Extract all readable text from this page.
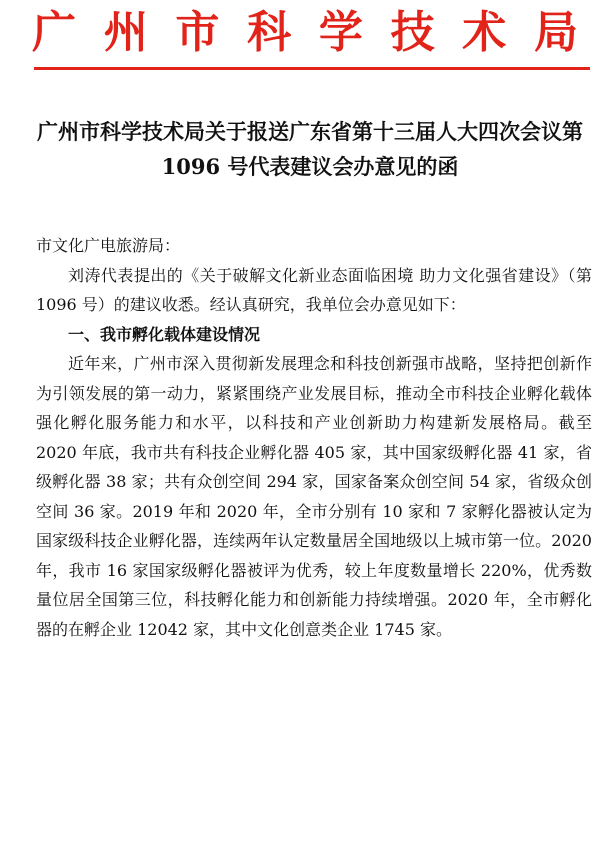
广州市科学技术局
广州市科学技术局关于报送广东省第十三届人大四次会议第 1096 号代表建议会办意见的函

市文化广电旅游局：

刘涛代表提出的《关于破解文化新业态面临困境 助力文化强省建设》（第 1096 号）的建议收悉。经认真研究，我单位会办意见如下：

一、我市孵化载体建设情况

近年来，广州市深入贯彻新发展理念和科技创新强市战略，坚持把创新作为引领发展的第一动力，紧紧围绕产业发展目标，推动全市科技企业孵化载体强化孵化服务能力和水平，以科技和产业创新助力构建新发展格局。截至 2020 年底，我市共有科技企业孵化器 405 家，其中国家级孵化器 41 家，省级孵化器 38 家；共有众创空间 294 家，国家备案众创空间 54 家，省级众创空间 36 家。2019 年和 2020 年，全市分别有 10 家和 7 家孵化器被认定为国家级科技企业孵化器，连续两年认定数量居全国地级以上城市第一位。2020 年，我市 16 家国家级孵化器被评为优秀，较上年度数量增长 220%，优秀数量位居全国第三位，科技孵化能力和创新能力持续增强。2020 年，全市孵化器的在孵企业 12042 家，其中文化创意类企业 1745 家。
